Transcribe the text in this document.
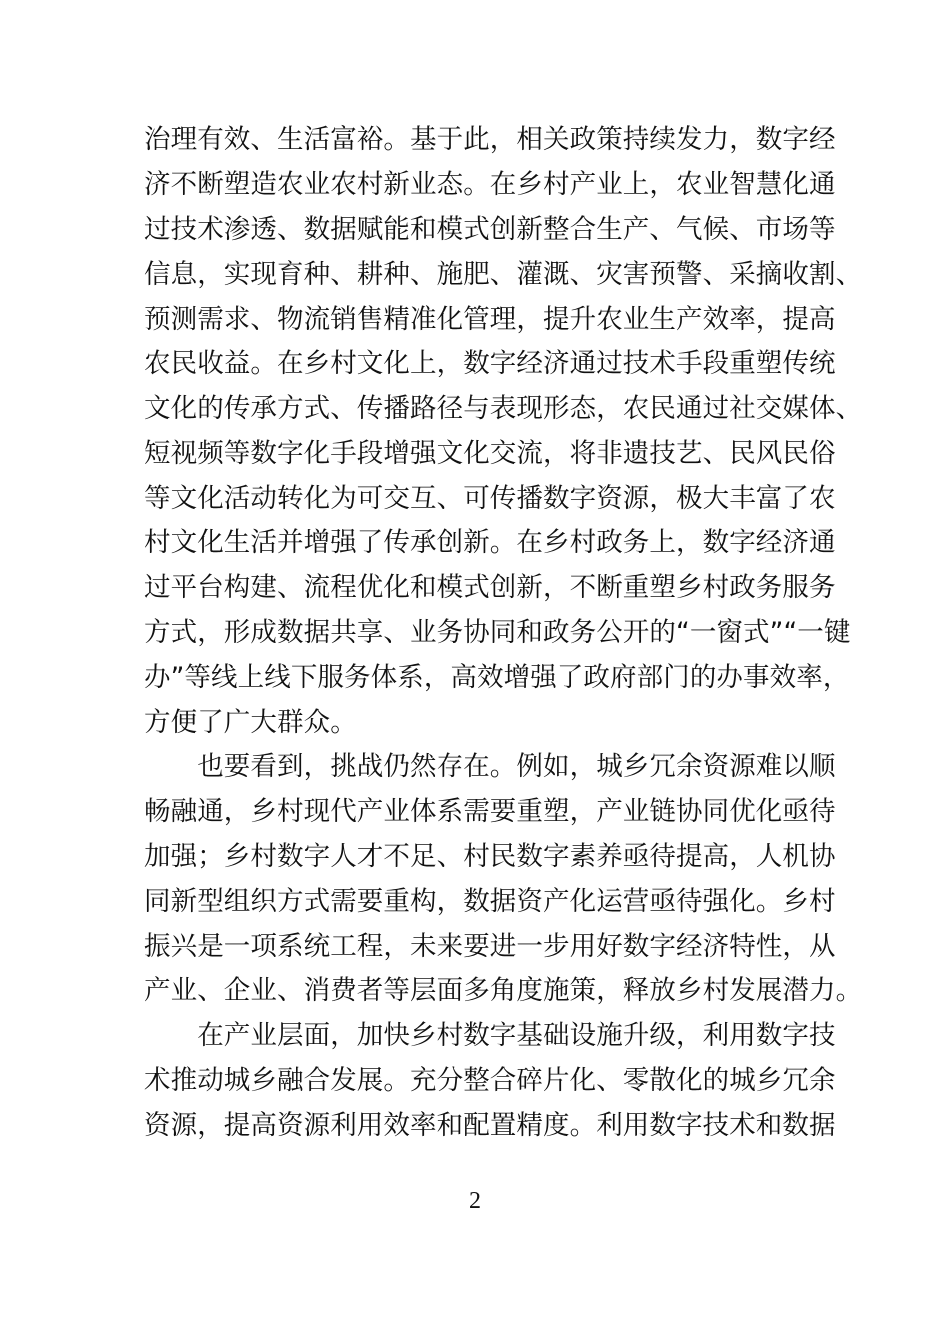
治理有效、生活富裕。基于此，相关政策持续发力，数字经
济不断塑造农业农村新业态。在乡村产业上，农业智慧化通
过技术渗透、数据赋能和模式创新整合生产、气候、市场等
信息，实现育种、耕种、施肥、灌溉、灾害预警、采摘收割、
预测需求、物流销售精准化管理，提升农业生产效率，提高
农民收益。在乡村文化上，数字经济通过技术手段重塑传统
文化的传承方式、传播路径与表现形态，农民通过社交媒体、
短视频等数字化手段增强文化交流，将非遗技艺、民风民俗
等文化活动转化为可交互、可传播数字资源，极大丰富了农
村文化生活并增强了传承创新。在乡村政务上，数字经济通
过平台构建、流程优化和模式创新，不断重塑乡村政务服务
方式，形成数据共享、业务协同和政务公开的“一窗式”“一键
办”等线上线下服务体系，高效增强了政府部门的办事效率，
方便了广大群众。
　　也要看到，挑战仍然存在。例如，城乡冗余资源难以顺
畅融通，乡村现代产业体系需要重塑，产业链协同优化亟待
加强；乡村数字人才不足、村民数字素养亟待提高，人机协
同新型组织方式需要重构，数据资产化运营亟待强化。乡村
振兴是一项系统工程，未来要进一步用好数字经济特性，从
产业、企业、消费者等层面多角度施策，释放乡村发展潜力。
　　在产业层面，加快乡村数字基础设施升级，利用数字技
术推动城乡融合发展。充分整合碎片化、零散化的城乡冗余
资源，提高资源利用效率和配置精度。利用数字技术和数据
2
